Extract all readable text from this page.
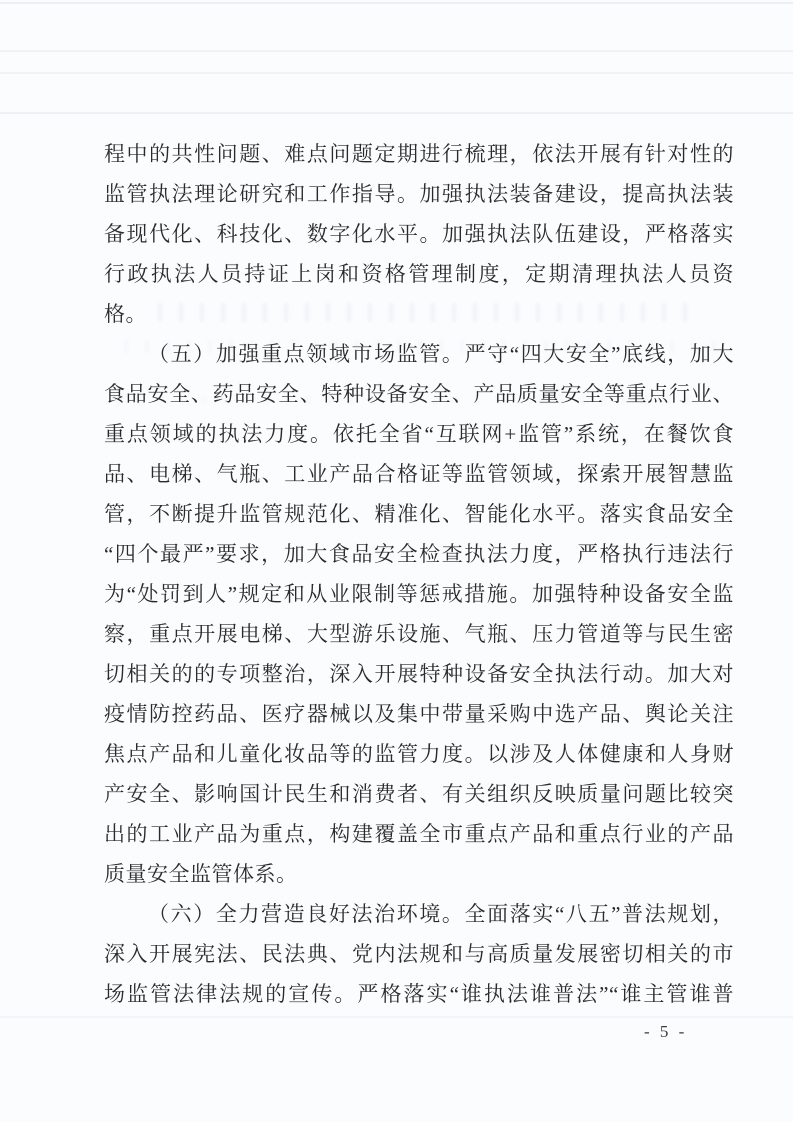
程中的共性问题、难点问题定期进行梳理，依法开展有针对性的
监管执法理论研究和工作指导。加强执法装备建设，提高执法装
备现代化、科技化、数字化水平。加强执法队伍建设，严格落实
行政执法人员持证上岗和资格管理制度，定期清理执法人员资
格。
（五）加强重点领域市场监管。严守“四大安全”底线，加大
食品安全、药品安全、特种设备安全、产品质量安全等重点行业、
重点领域的执法力度。依托全省“互联网+监管”系统，在餐饮食
品、电梯、气瓶、工业产品合格证等监管领域，探索开展智慧监
管，不断提升监管规范化、精准化、智能化水平。落实食品安全
“四个最严”要求，加大食品安全检查执法力度，严格执行违法行
为“处罚到人”规定和从业限制等惩戒措施。加强特种设备安全监
察，重点开展电梯、大型游乐设施、气瓶、压力管道等与民生密
切相关的的专项整治，深入开展特种设备安全执法行动。加大对
疫情防控药品、医疗器械以及集中带量采购中选产品、舆论关注
焦点产品和儿童化妆品等的监管力度。以涉及人体健康和人身财
产安全、影响国计民生和消费者、有关组织反映质量问题比较突
出的工业产品为重点，构建覆盖全市重点产品和重点行业的产品
质量安全监管体系。
（六）全力营造良好法治环境。全面落实“八五”普法规划，
深入开展宪法、民法典、党内法规和与高质量发展密切相关的市
场监管法律法规的宣传。严格落实“谁执法谁普法”“谁主管谁普
- 5 -
